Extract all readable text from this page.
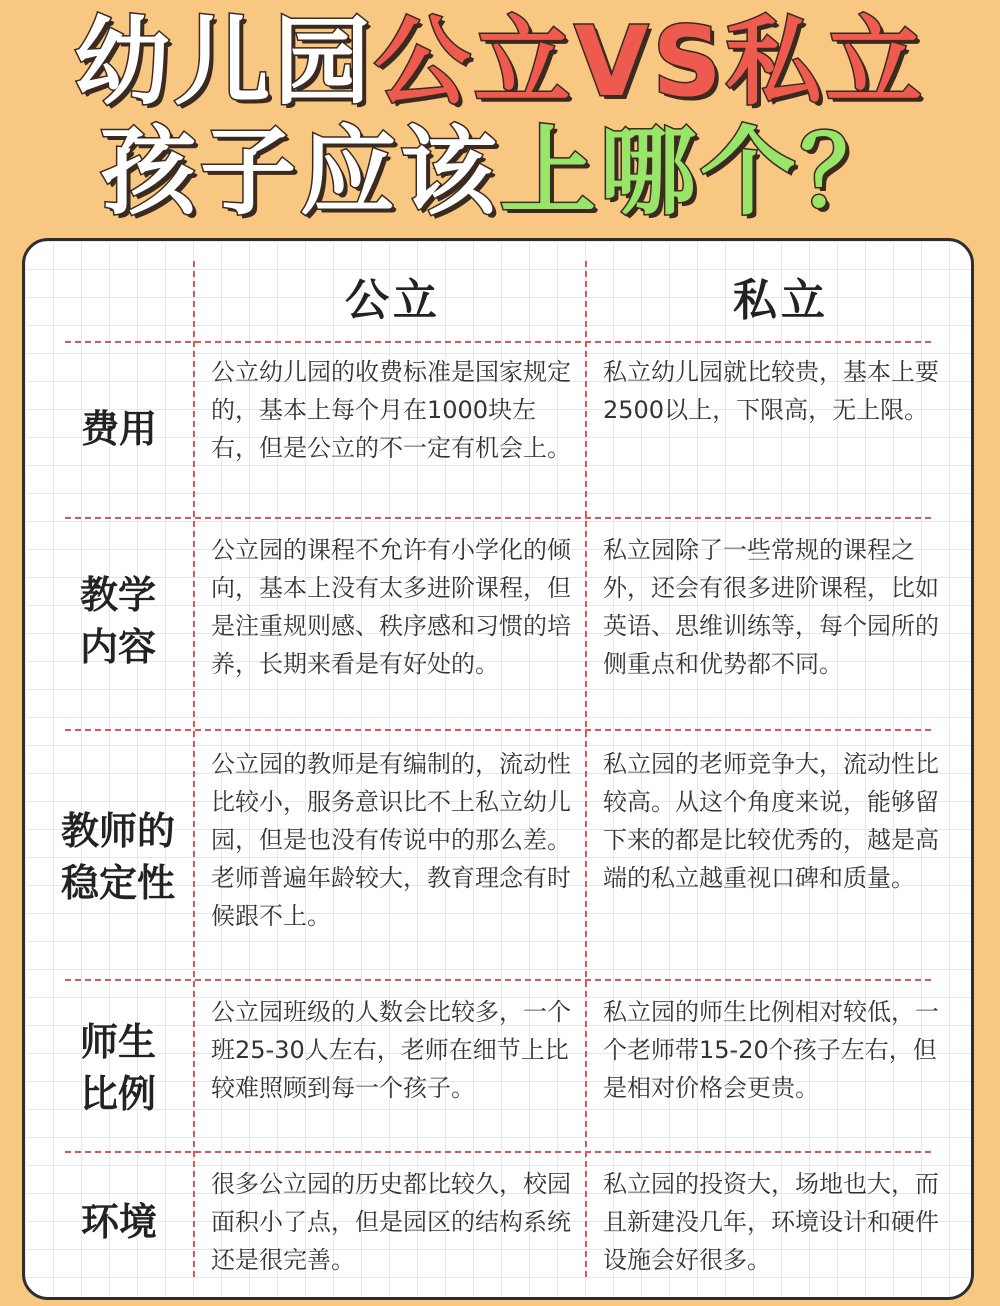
幼儿园公立VS私立
孩子应该上哪个？
公立	私立
费用
公立幼儿园的收费标准是国家规定的，基本上每个月在1000块左右，但是公立的不一定有机会上。
私立幼儿园就比较贵，基本上要2500以上，下限高，无上限。
教学内容
公立园的课程不允许有小学化的倾向，基本上没有太多进阶课程，但是注重规则感、秩序感和习惯的培养，长期来看是有好处的。
私立园除了一些常规的课程之外，还会有很多进阶课程，比如英语、思维训练等，每个园所的侧重点和优势都不同。
教师的稳定性
公立园的教师是有编制的，流动性比较小，服务意识比不上私立幼儿园，但是也没有传说中的那么差。老师普遍年龄较大，教育理念有时候跟不上。
私立园的老师竞争大，流动性比较高。从这个角度来说，能够留下来的都是比较优秀的，越是高端的私立越重视口碑和质量。
师生比例
公立园班级的人数会比较多，一个班25-30人左右，老师在细节上比较难照顾到每一个孩子。
私立园的师生比例相对较低，一个老师带15-20个孩子左右，但是相对价格会更贵。
环境
很多公立园的历史都比较久，校园面积小了点，但是园区的结构系统还是很完善。
私立园的投资大，场地也大，而且新建没几年，环境设计和硬件设施会好很多。
